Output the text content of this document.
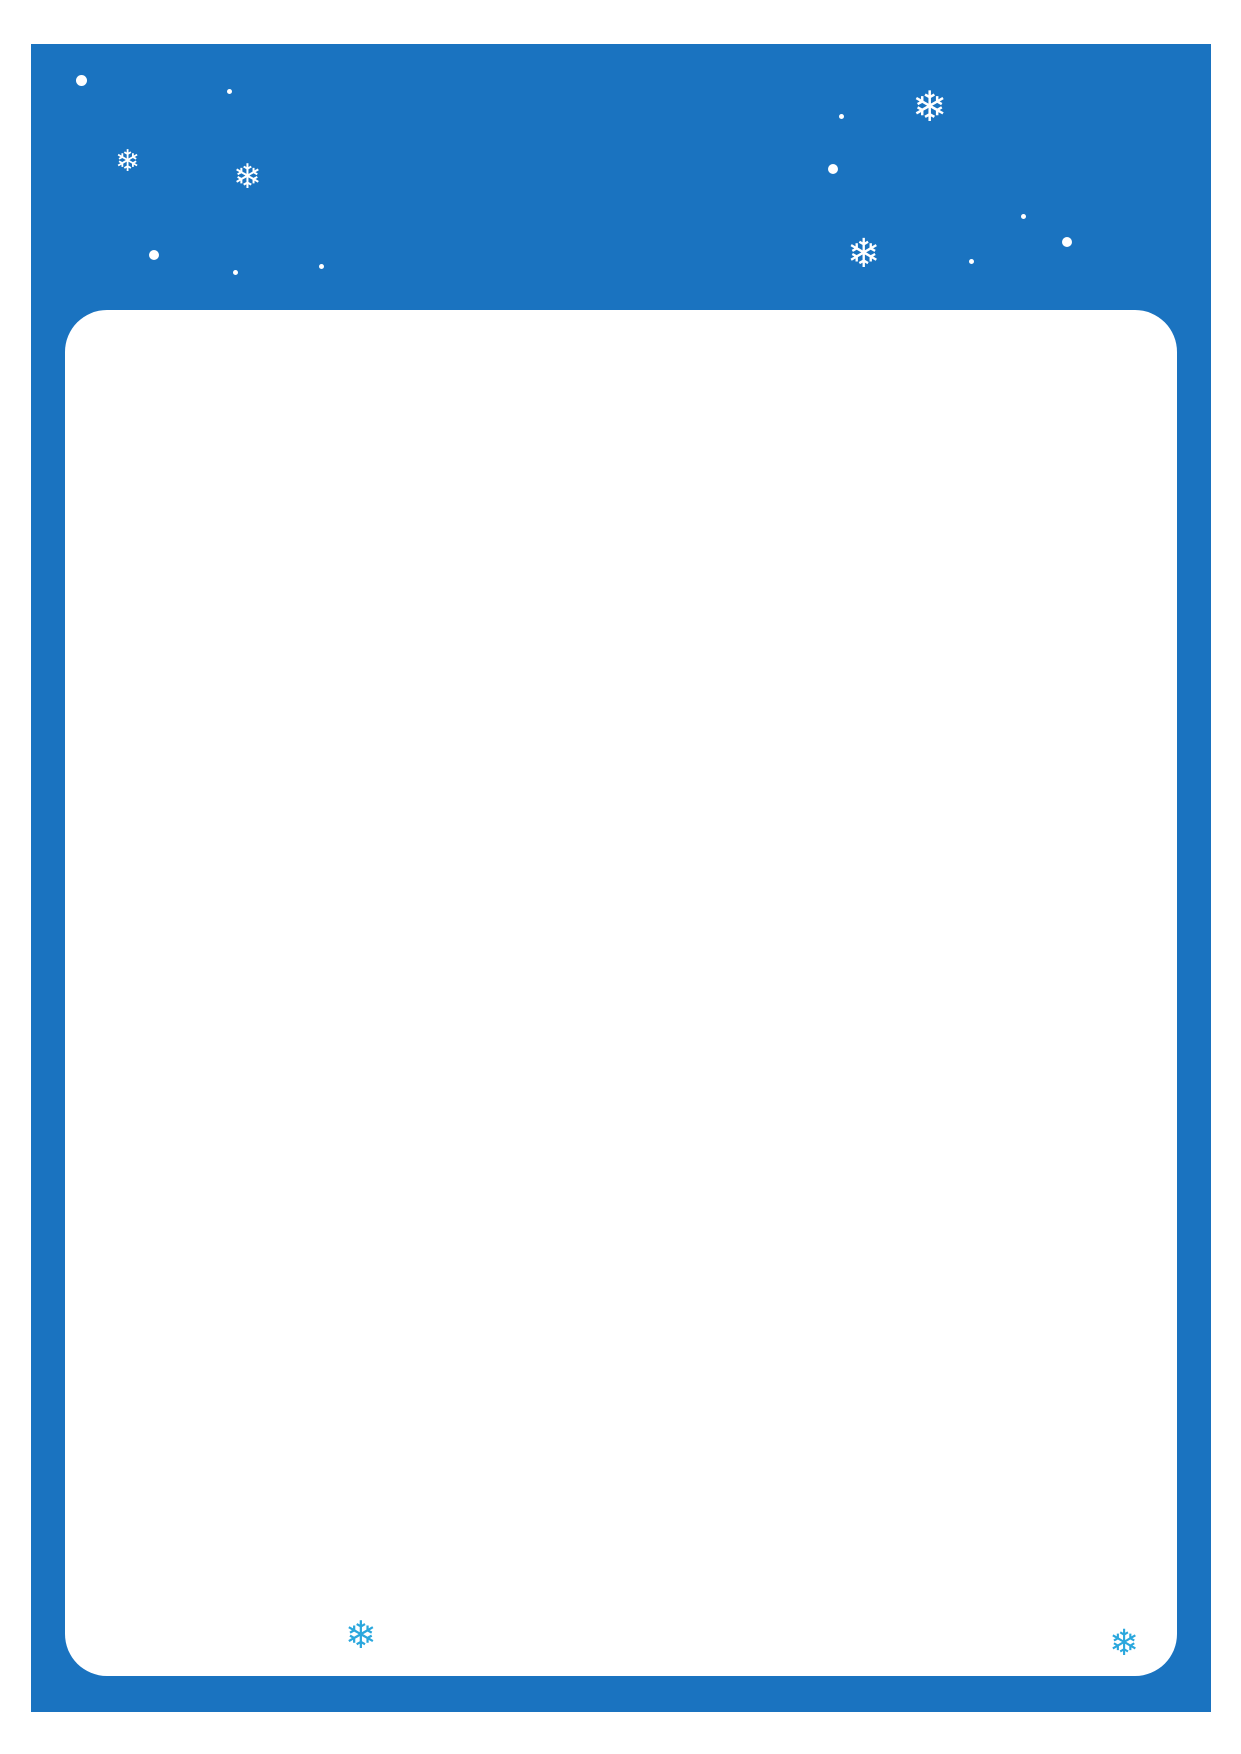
❄	❄
❄
❄
❄	❄
